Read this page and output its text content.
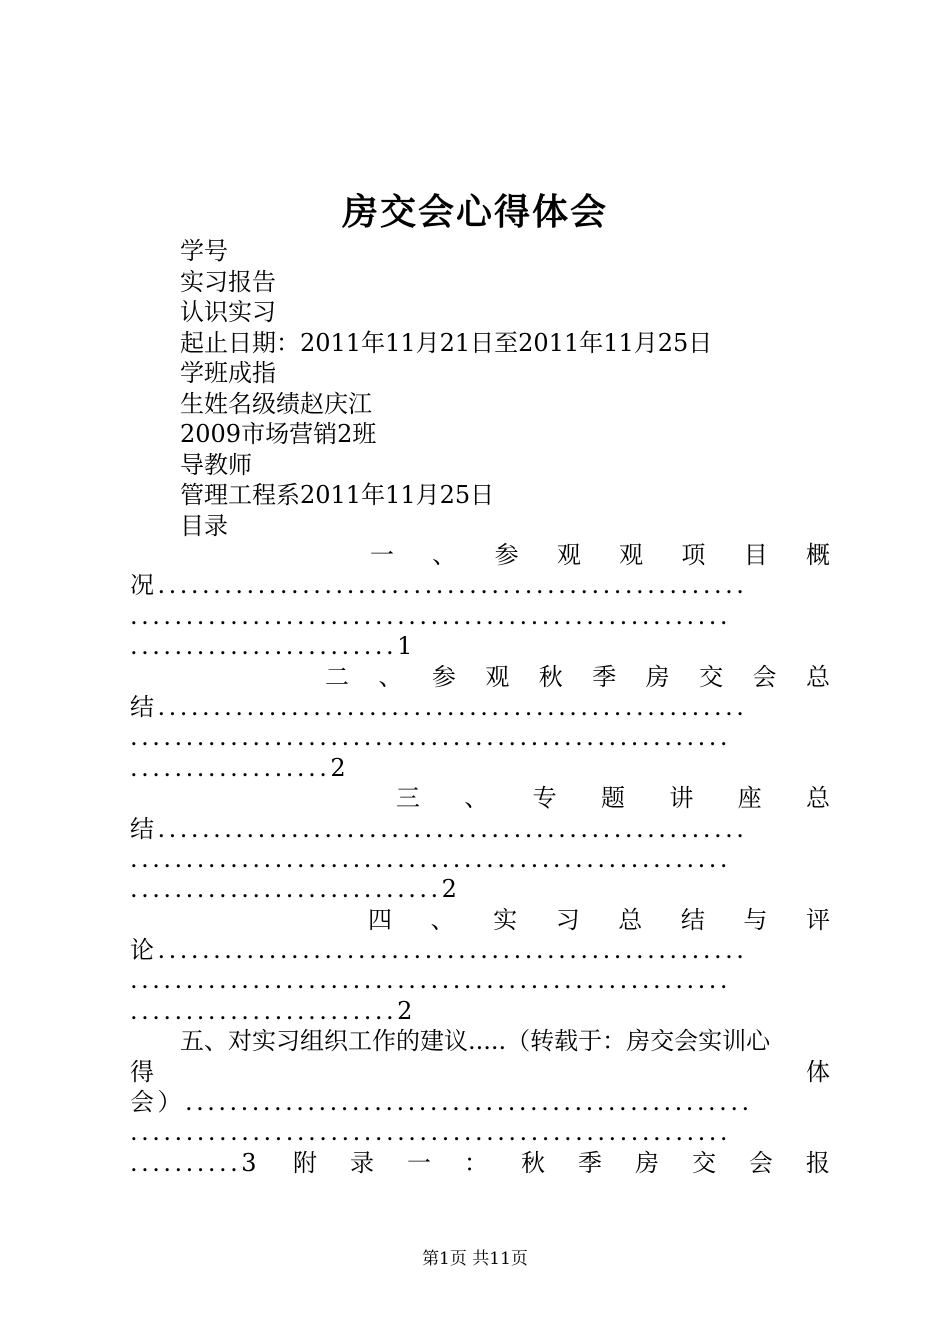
房交会心得体会
学号
实习报告
认识实习
起止日期：2011年11月21日至2011年11月25日
学班成指
生姓名级绩赵庆江
2009市场营销2班
导教师
管理工程系2011年11月25日
目录
一 、 参 观 观 项 目 概
况.....................................................
......................................................
........................1
二 、 参 观 秋 季 房 交 会 总
结.....................................................
......................................................
..................2
三 、 专 题 讲 座 总
结.....................................................
......................................................
............................2
四 、 实 习 总 结 与 评
论.....................................................
......................................................
........................2
五、对实习组织工作的建议.....（转载于：房交会实训心
得	体
会）...................................................
......................................................
..........3 附 录 一 ： 秋 季 房 交 会 报
第1页 共11页
